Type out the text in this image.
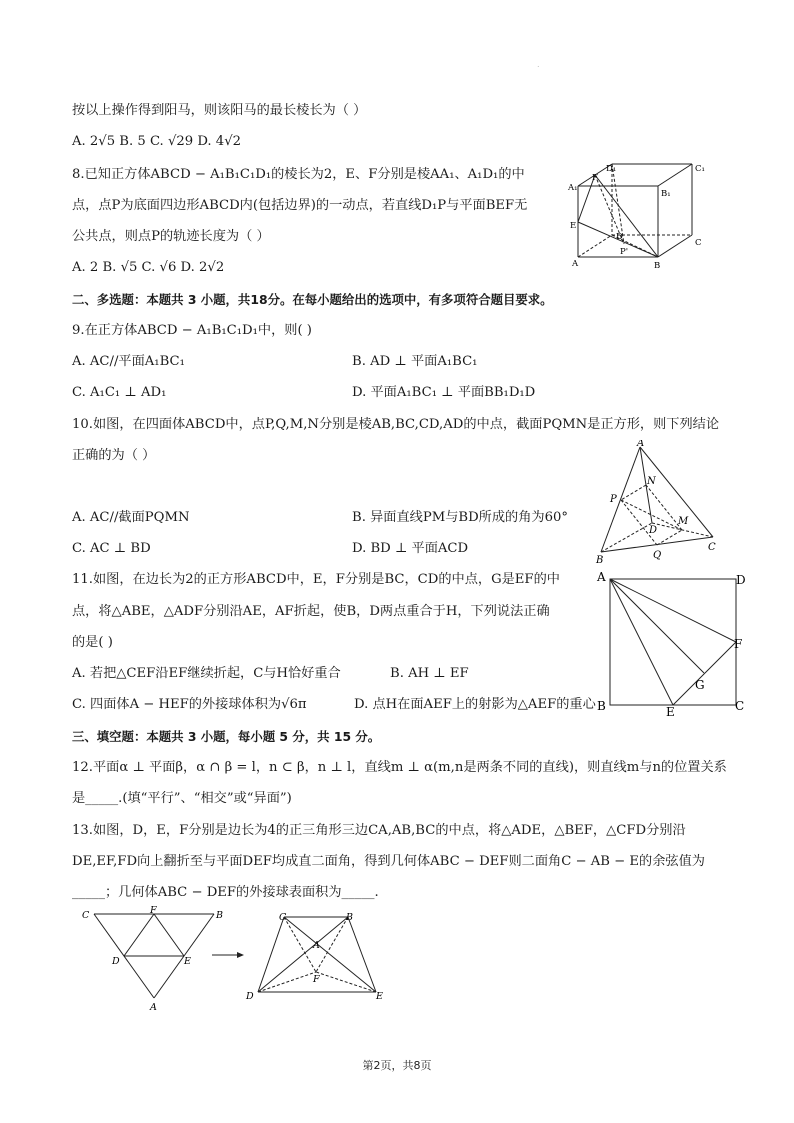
.
按以上操作得到阳马，则该阳马的最长棱长为（ ）
A. 2√5 B. 5 C. √29 D. 4√2
8.已知正方体ABCD − A₁B₁C₁D₁的棱长为2，E、F分别是棱AA₁、A₁D₁的中
点，点P为底面四边形ABCD内(包括边界)的一动点，若直线D₁P与平面BEF无
公共点，则点P的轨迹长度为（ ）
A. 2 B. √5 C. √6 D. 2√2
二、多选题：本题共 3 小题，共18分。在每小题给出的选项中，有多项符合题目要求。
9.在正方体ABCD − A₁B₁C₁D₁中，则( )
A. AC//平面A₁BC₁	B. AD ⊥ 平面A₁BC₁
C. A₁C₁ ⊥ AD₁	D. 平面A₁BC₁ ⊥ 平面BB₁D₁D
10.如图，在四面体ABCD中，点P,Q,M,N分别是棱AB,BC,CD,AD的中点，截面PQMN是正方形，则下列结论
正确的为（ ）
A. AC//截面PQMN	B. 异面直线PM与BD所成的角为60°
C. AC ⊥ BD	D. BD ⊥ 平面ACD
11.如图，在边长为2的正方形ABCD中，E，F分别是BC，CD的中点，G是EF的中
点，将△ABE，△ADF分别沿AE，AF折起，使B，D两点重合于H，下列说法正确
的是( )
A. 若把△CEF沿EF继续折起，C与H恰好重合	B. AH ⊥ EF
C. 四面体A − HEF的外接球体积为√6π	D. 点H在面AEF上的射影为△AEF的重心
三、填空题：本题共 3 小题，每小题 5 分，共 15 分。
12.平面α ⊥ 平面β，α ∩ β = l，n ⊂ β，n ⊥ l，直线m ⊥ α(m,n是两条不同的直线)，则直线m与n的位置关系
是_____.(填“平行”、“相交”或“异面”)
13.如图，D，E，F分别是边长为4的正三角形三边CA,AB,BC的中点，将△ADE，△BEF，△CFD分别沿
DE,EF,FD向上翻折至与平面DEF均成直二面角，得到几何体ABC − DEF则二面角C − AB − E的余弦值为
_____；几何体ABC − DEF的外接球表面积为_____.
D₁	C₁
A₁
F
B₁
E
D
P'
C
A	B
A
N
P
D
M
B	Q
C
A	D
F
G
B	E	C
C	F	B
D	E
A
C	B
A
F
D	E
第2页，共8页
